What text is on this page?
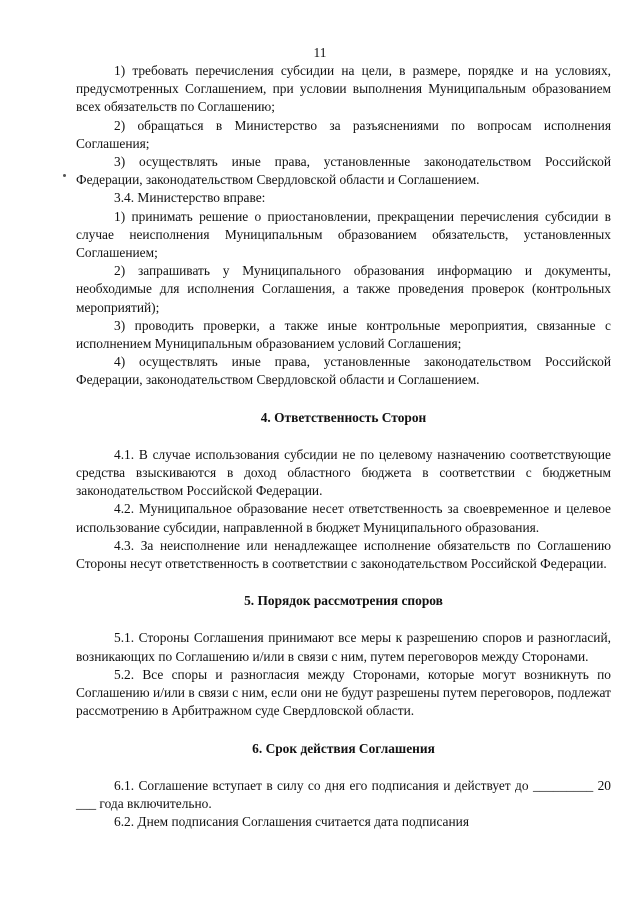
11

1) требовать перечисления субсидии на цели, в размере, порядке и на условиях, предусмотренных Соглашением, при условии выполнения Муниципальным образованием всех обязательств по Соглашению;

2) обращаться в Министерство за разъяснениями по вопросам исполнения Соглашения;

3) осуществлять иные права, установленные законодательством Российской Федерации, законодательством Свердловской области и Соглашением.

3.4. Министерство вправе:

1) принимать решение о приостановлении, прекращении перечисления субсидии в случае неисполнения Муниципальным образованием обязательств, установленных Соглашением;

2) запрашивать у Муниципального образования информацию и документы, необходимые для исполнения Соглашения, а также проведения проверок (контрольных мероприятий);

3) проводить проверки, а также иные контрольные мероприятия, связанные с исполнением Муниципальным образованием условий Соглашения;

4) осуществлять иные права, установленные законодательством Российской Федерации, законодательством Свердловской области и Соглашением.

4. Ответственность Сторон

4.1. В случае использования субсидии не по целевому назначению соответствующие средства взыскиваются в доход областного бюджета в соответствии с бюджетным законодательством Российской Федерации.

4.2. Муниципальное образование несет ответственность за своевременное и целевое использование субсидии, направленной в бюджет Муниципального образования.

4.3. За неисполнение или ненадлежащее исполнение обязательств по Соглашению Стороны несут ответственность в соответствии с законодательством Российской Федерации.

5. Порядок рассмотрения споров

5.1. Стороны Соглашения принимают все меры к разрешению споров и разногласий, возникающих по Соглашению и/или в связи с ним, путем переговоров между Сторонами.

5.2. Все споры и разногласия между Сторонами, которые могут возникнуть по Соглашению и/или в связи с ним, если они не будут разрешены путем переговоров, подлежат рассмотрению в Арбитражном суде Свердловской области.

6. Срок действия Соглашения

6.1. Соглашение вступает в силу со дня его подписания и действует до _________ 20 ___ года включительно.

6.2. Днем подписания Соглашения считается дата подписания
